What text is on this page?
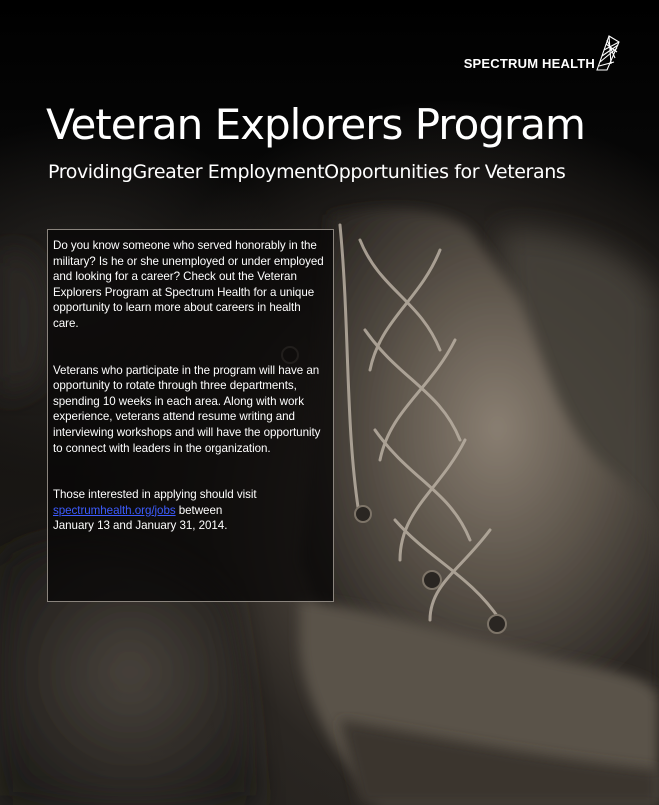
SPECTRUM HEALTH
Veteran Explorers Program
ProvidingGreater EmploymentOpportunities for Veterans

Do you know someone who served honorably in the military? Is he or she unemployed or under employed and looking for a career? Check out the Veteran Explorers Program at Spectrum Health for a unique opportunity to learn more about careers in health care.

Veterans who participate in the program will have an opportunity to rotate through three departments, spending 10 weeks in each area. Along with work experience, veterans attend resume writing and interviewing workshops and will have the opportunity to connect with leaders in the organization.

Those interested in applying should visit
spectrumhealth.org/jobs between
January 13 and January 31, 2014.
